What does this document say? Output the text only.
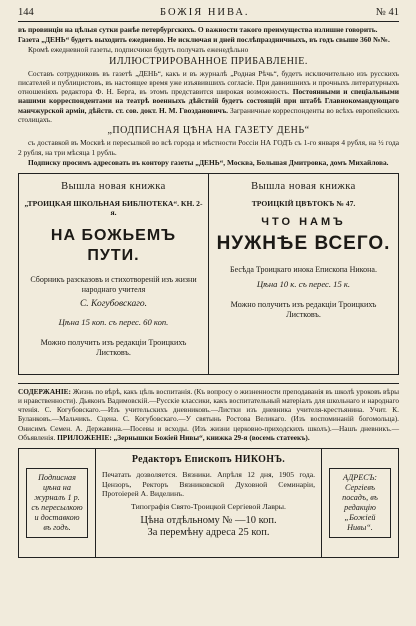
144	БОЖІЯ НИВА.	№ 41

въ провинціи на цѣлыя сутки ранѣе петербургскихъ. О важности такого преимущества излишне говорить.

Газета „ДЕНЬ“ будетъ выходить ежедневно. Не исключая и дней послѣпраздничныхъ, въ годъ свыше 360 №№.

Кромѣ ежедневной газеты, подписчики будутъ получать еженедѣльно

ИЛЛЮСТРИРОВАННОЕ ПРИБАВЛЕНІЕ.

Составъ сотрудниковъ въ газетѣ „ДЕНЬ“, какъ и въ журналѣ „Родная Рѣчь“, будетъ исключительно изъ русскихъ писателей и публицистовъ, въ настоящее время уже изъявившихъ согласіе. При давнишнихъ и прочныхъ литературныхъ отношеніяхъ редактора Ф. Н. Берга, въ этомъ представится широкая возможность. Постоянными и спеціальными нашими корреспондентами на театрѣ военныхъ дѣйствій будетъ состоящій при штабѣ Главнокомандующаго манчжурской арміи, дѣйств. ст. сов. докт. Н. М. Гвоздановичъ. Заграничные корреспонденты во всѣхъ европейскихъ столицахъ.

„ПОДПИСНАЯ ЦѢНА НА ГАЗЕТУ ДЕНЬ“

съ доставкой въ Москвѣ и пересылкой во всѣ города и мѣстности Россіи НА ГОДЪ съ 1-го января 4 рубля, на ½ года 2 рубля, на три мѣсяца 1 рубль.

Подписку просимъ адресовать въ контору газеты „ДЕНЬ“, Москва, Большая Дмитровка, домъ Михайлова.

Вышла новая книжка
„ТРОИЦКАЯ ШКОЛЬНАЯ БИБЛІОТЕКА“. КН. 2-я.
НА БОЖЬЕМЪ ПУТИ.
Сборникъ разсказовъ и стихотвореній изъ жизни народнаго учителя
С. Когубовскаго.
Цѣна 15 коп. съ перес. 60 коп.
Можно получить изъ редакціи Троицкихъ Листковъ.
Вышла новая книжка
ТРОИЦКІЙ ЦВѢТОКЪ № 47.
ЧТО НАМЪ
НУЖНѢЕ ВСЕГО.
Бесѣда Троицкаго инока Епископа Никона.
Цѣна 10 к. съ перес. 15 к.
Можно получить изъ редакціи Троицкихъ Листковъ.
СОДЕРЖАНІЕ: Жизнь по вѣрѣ, какъ цѣль воспитанія. (Къ вопросу о жизненности преподаванія въ школѣ уроковъ вѣры и нравственности). Дьяконъ Вадимовскій.—Русскіе классики, какъ воспитательный матеріалъ для школьнаго и народнаго чтенія. С. Когубовскаго.—Изъ учительскихъ дневниковъ.—Листки изъ дневника учителя-крестьянина. Учит. К. Буланковъ.—Мальчикъ. Сцена. С. Когубовскаго.—У святынь Ростова Великаго. (Изъ воспоминаній богомольца). Онисимъ Семен. А. Державина.—Посевы и всходы. (Изъ жизни церковно-приходскихъ школъ).—Нашъ дневникъ.—Объявленія. ПРИЛОЖЕНІЕ: „Зернышки Божіей Нивы“, книжка 29-я (восемь статеекъ).
Подписная цѣна на журналъ 1 р. съ пересылкою и доставкою въ годъ.
Редакторъ Епископъ НИКОНЪ.
Печатать дозволяется. Вязники. Апрѣля 12 дня, 1905 года. Цензоръ, Ректоръ Вязниковской Духовной Семинаріи, Протоіерей А. Виделинъ.
Типографія Свято-Троицкой Сергіевой Лавры.
Цѣна отдѣльному № —10 коп.
За перемѣну адреса 25 коп.
АДРЕСЪ: Сергіевъ посадъ, въ редакцію „Божіей Нивы“.
